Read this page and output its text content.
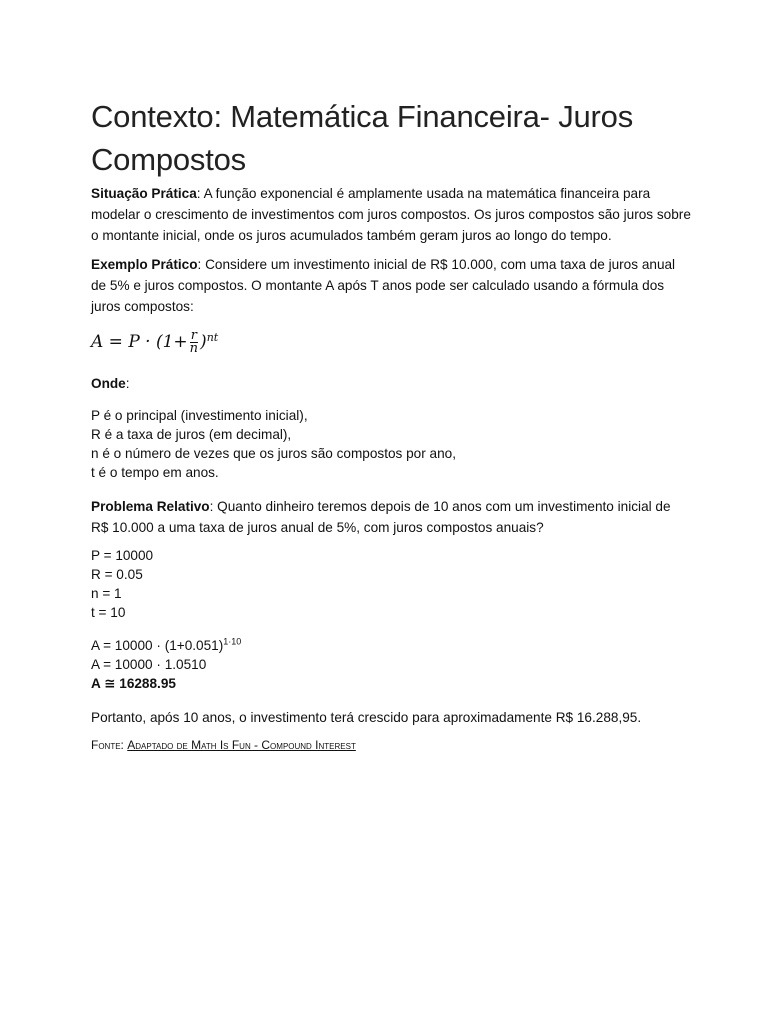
Contexto: Matemática Financeira- Juros Compostos

Situação Prática: A função exponencial é amplamente usada na matemática financeira para modelar o crescimento de investimentos com juros compostos. Os juros compostos são juros sobre o montante inicial, onde os juros acumulados também geram juros ao longo do tempo.

Exemplo Prático: Considere um investimento inicial de R$ 10.000, com uma taxa de juros anual de 5% e juros compostos. O montante A após T anos pode ser calculado usando a fórmula dos juros compostos:

$A = P \cdot (1+ \frac{r}{n} )^{nt}$

Onde:

P é o principal (investimento inicial),

R é a taxa de juros (em decimal),

n é o número de vezes que os juros são compostos por ano,

t é o tempo em anos.

Problema Relativo: Quanto dinheiro teremos depois de 10 anos com um investimento inicial de R$ 10.000 a uma taxa de juros anual de 5%, com juros compostos anuais?

P = 10000

R = 0.05

n = 1

t = 10

$A = 10000 \cdot (1+0.051)^{1\cdot 10}$

A = 10000 · 1.0510

A ≅ 16288.95

Portanto, após 10 anos, o investimento terá crescido para aproximadamente R$ 16.288,95.

Fonte: Adaptado de Math Is Fun - Compound Interest
